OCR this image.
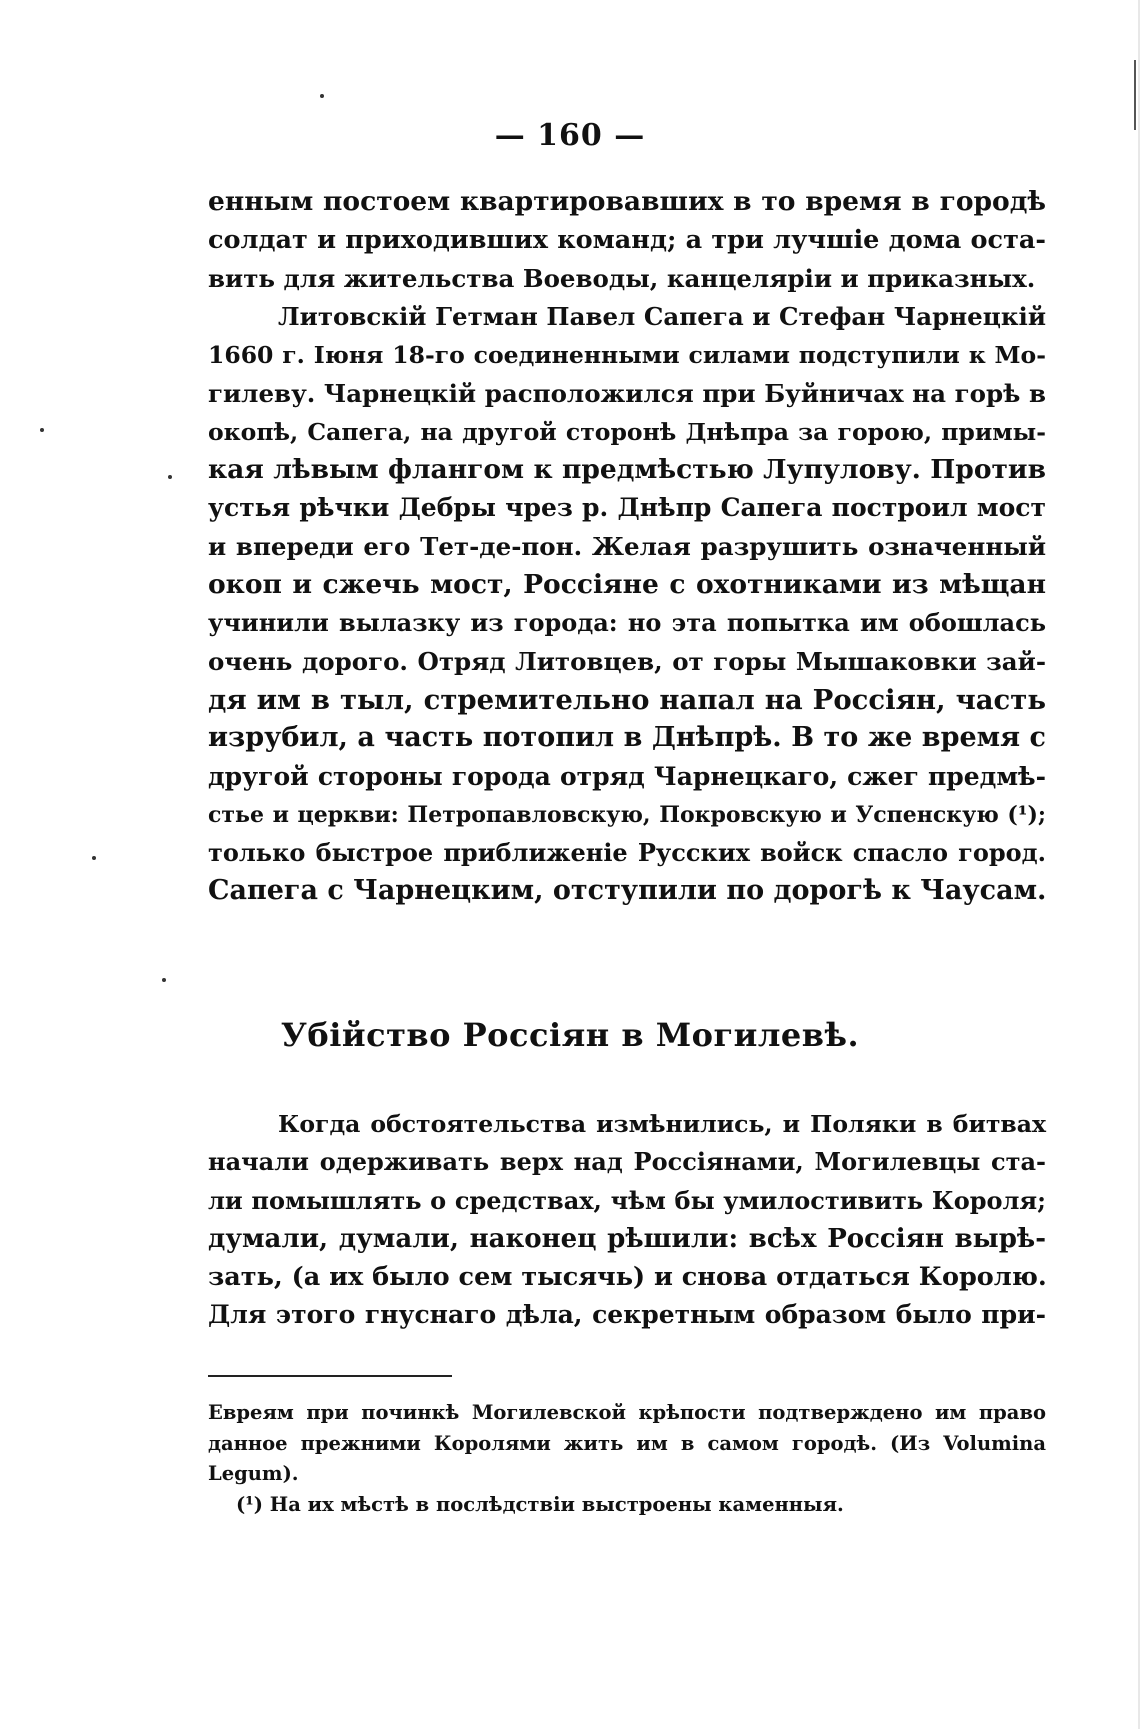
— 160 —
енным постоем квартировавших в то время в городѣ
солдат и приходивших команд; а три лучшіе дома оста-
вить для жительства Воеводы, канцеляріи и приказных.
Литовскій Гетман Павел Сапега и Стефан Чарнецкій
1660 г. Іюня 18-го соединенными силами подступили к Мо-
гилеву. Чарнецкій расположился при Буйничах на горѣ в
окопѣ, Сапега, на другой сторонѣ Днѣпра за горою, примы-
кая лѣвым флангом к предмѣстью Лупулову. Против
устья рѣчки Дебры чрез р. Днѣпр Сапега построил мост
и впереди его Тет-де-пон. Желая разрушить означенный
окоп и сжечь мост, Россіяне с охотниками из мѣщан
учинили вылазку из города: но эта попытка им обошлась
очень дорого. Отряд Литовцев, от горы Мышаковки зай-
дя им в тыл, стремительно напал на Россіян, часть
изрубил, а часть потопил в Днѣпрѣ. В то же время с
другой стороны города отряд Чарнецкаго, сжег предмѣ-
стье и церкви: Петропавловскую, Покровскую и Успенскую (¹);
только быстрое приближеніе Русских войск спасло город.
Сапега с Чарнецким, отступили по дорогѣ к Чаусам.
Убійство Россіян в Могилевѣ.
Когда обстоятельства измѣнились, и Поляки в битвах
начали одерживать верх над Россіянами, Могилевцы ста-
ли помышлять о средствах, чѣм бы умилостивить Короля;
думали, думали, наконец рѣшили: всѣх Россіян вырѣ-
зать, (а их было сем тысячь) и снова отдаться Королю.
Для этого гнуснаго дѣла, секретным образом было при-
Евреям при починкѣ Могилевской крѣпости подтверждено им право
данное прежними Королями жить им в самом городѣ. (Из Volumina
Legum).
(¹) На их мѣстѣ в послѣдствіи выстроены каменныя.
